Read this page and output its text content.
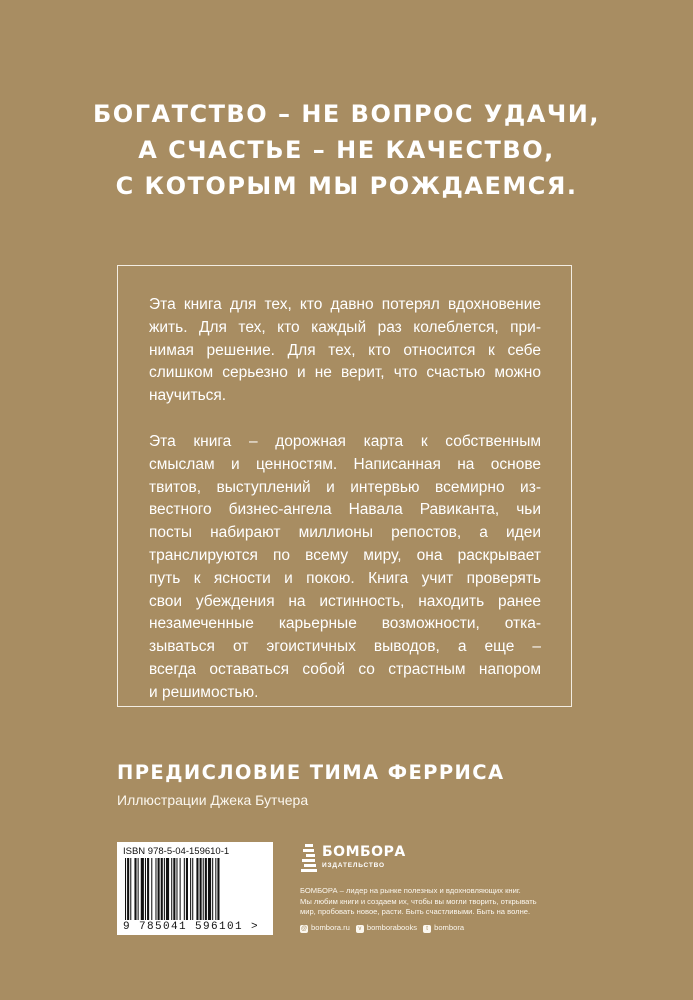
БОГАТСТВО – НЕ ВОПРОС УДАЧИ,
А СЧАСТЬЕ – НЕ КАЧЕСТВО,
С КОТОРЫМ МЫ РОЖДАЕМСЯ.
Эта книга для тех, кто давно потерял вдохновение
жить. Для тех, кто каждый раз колеблется, при-
нимая решение. Для тех, кто относится к себе
слишком серьезно и не верит, что счастью можно
научиться.
Эта книга – дорожная карта к собственным
смыслам и ценностям. Написанная на основе
твитов, выступлений и интервью всемирно из-
вестного бизнес-ангела Навала Равиканта, чьи
посты набирают миллионы репостов, а идеи
транслируются по всему миру, она раскрывает
путь к ясности и покою. Книга учит проверять
свои убеждения на истинность, находить ранее
незамеченные карьерные возможности, отка-
зываться от эгоистичных выводов, а еще –
всегда оставаться собой со страстным напором
и решимостью.
ПРЕДИСЛОВИЕ ТИМА ФЕРРИСА
Иллюстрации Джека Бутчера
ISBN 978-5-04-159610-1
9 785041 596101 >
БОМБОРА
ИЗДАТЕЛЬСТВО
БОМБОРА – лидер на рынке полезных и вдохновляющих книг.
Мы любим книги и создаем их, чтобы вы могли творить, открывать
мир, пробовать новое, расти. Быть счастливыми. Быть на волне.
@ bombora.ru	v bomborabooks	t bombora
